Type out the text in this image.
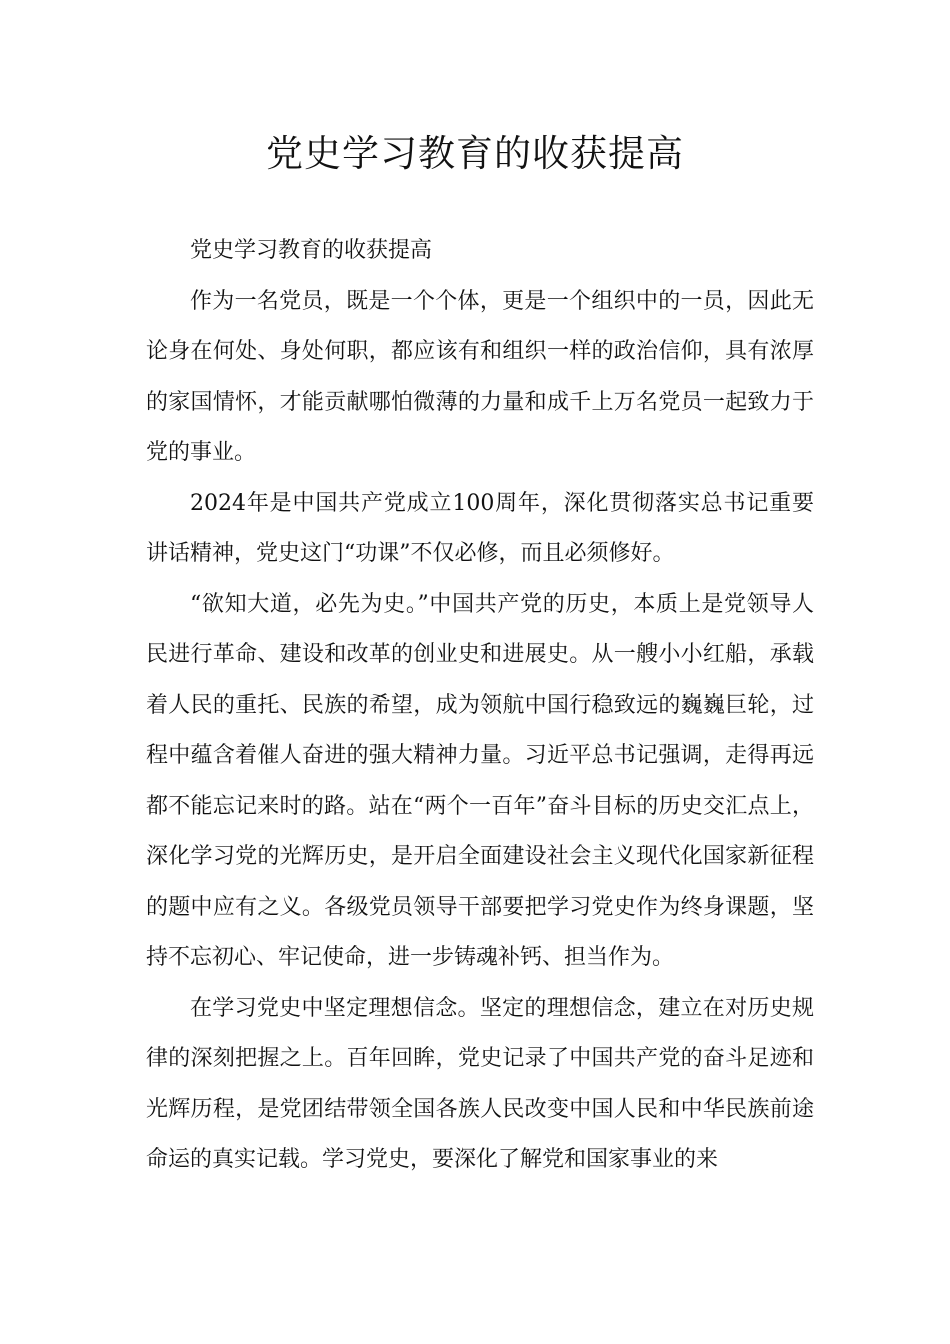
党史学习教育的收获提高

党史学习教育的收获提高

作为一名党员，既是一个个体，更是一个组织中的一员，因此无论身在何处、身处何职，都应该有和组织一样的政治信仰，具有浓厚的家国情怀，才能贡献哪怕微薄的力量和成千上万名党员一起致力于党的事业。

2024年是中国共产党成立100周年，深化贯彻落实总书记重要讲话精神，党史这门“功课”不仅必修，而且必须修好。

“欲知大道，必先为史。”中国共产党的历史，本质上是党领导人民进行革命、建设和改革的创业史和进展史。从一艘小小红船，承载着人民的重托、民族的希望，成为领航中国行稳致远的巍巍巨轮，过程中蕴含着催人奋进的强大精神力量。习近平总书记强调，走得再远都不能忘记来时的路。站在“两个一百年”奋斗目标的历史交汇点上，深化学习党的光辉历史，是开启全面建设社会主义现代化国家新征程的题中应有之义。各级党员领导干部要把学习党史作为终身课题，坚持不忘初心、牢记使命，进一步铸魂补钙、担当作为。

在学习党史中坚定理想信念。坚定的理想信念，建立在对历史规律的深刻把握之上。百年回眸，党史记录了中国共产党的奋斗足迹和光辉历程，是党团结带领全国各族人民改变中国人民和中华民族前途命运的真实记载。学习党史，要深化了解党和国家事业的来
